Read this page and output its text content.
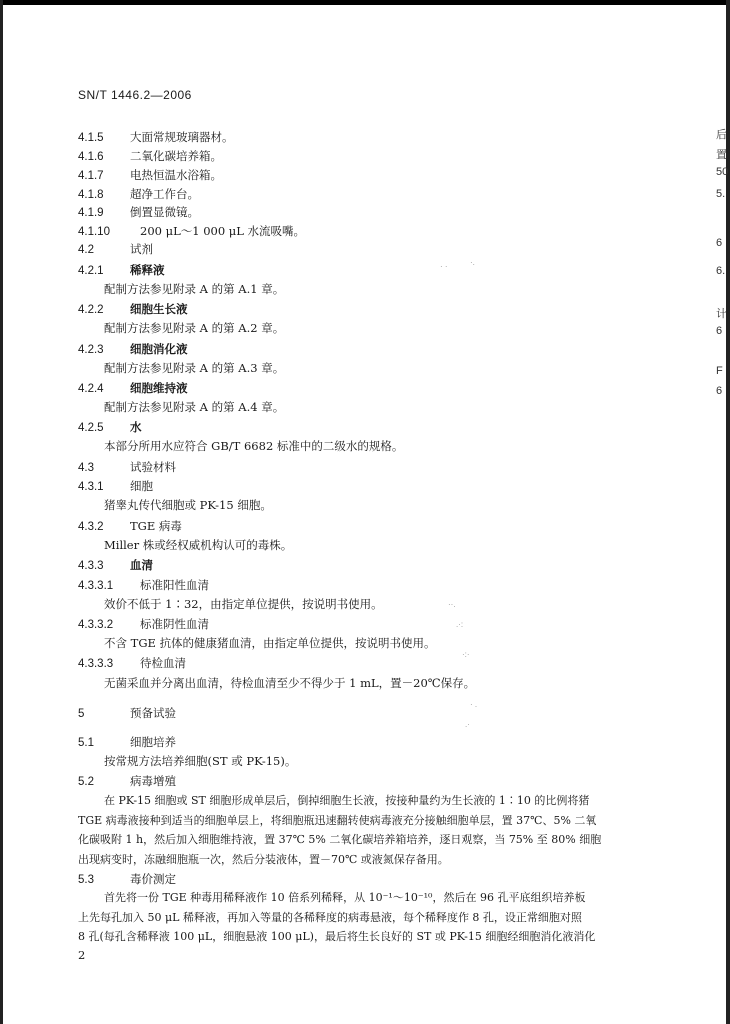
SN/T 1446.2—2006
4.1.5 大面常规玻璃器材。
4.1.6 二氧化碳培养箱。
4.1.7 电热恒温水浴箱。
4.1.8 超净工作台。
4.1.9 倒置显微镜。
4.1.10	200 μL～1 000 μL 水流吸嘴。
4.2	试剂
4.2.1 稀释液
4.2.2 细胞生长液
4.2.3 细胞消化液
4.2.4 细胞维持液
4.2.5 水
4.3	试验材料
4.3.1 细胞
4.3.2 TGE 病毒
4.3.3 血清
4.3.3.1 标准阳性血清
4.3.3.2 标准阴性血清
4.3.3.3 待检血清
5	预备试验
5.1	细胞培养
5.2	病毒增殖
5.3	毒价测定
配制方法参见附录 A 的第 A.1 章。
配制方法参见附录 A 的第 A.2 章。
配制方法参见附录 A 的第 A.3 章。
配制方法参见附录 A 的第 A.4 章。
本部分所用水应符合 GB/T 6682 标准中的二级水的规格。
猪睾丸传代细胞或 PK-15 细胞。
Miller 株或经权威机构认可的毒株。
效价不低于 1∶32，由指定单位提供，按说明书使用。
不含 TGE 抗体的健康猪血清，由指定单位提供，按说明书使用。
无菌采血并分离出血清，待检血清至少不得少于 1 mL，置－20℃保存。
按常规方法培养细胞(ST 或 PK-15)。
在 PK-15 细胞或 ST 细胞形成单层后，倒掉细胞生长液，按接种量约为生长液的 1∶10 的比例将猪
TGE 病毒液接种到适当的细胞单层上，将细胞瓶迅速翻转使病毒液充分接触细胞单层，置 37℃、5% 二氧
化碳吸附 1 h，然后加入细胞维持液，置 37℃ 5% 二氧化碳培养箱培养，逐日观察，当 75% 至 80% 细胞
出现病变时，冻融细胞瓶一次，然后分装液体，置－70℃ 或液氮保存备用。
首先将一份 TGE 种毒用稀释液作 10 倍系列稀释，从 10⁻¹～10⁻¹⁰，然后在 96 孔平底组织培养板
上先每孔加入 50 μL 稀释液，再加入等量的各稀释度的病毒悬液，每个稀释度作 8 孔，设正常细胞对照
8 孔(每孔含稀释液 100 μL，细胞悬液 100 μL)，最后将生长良好的 ST 或 PK-15 细胞经细胞消化液消化
后
置
50
5.
6
6.
计
6
F
6
2
· ·	·.
··.
.·:
·:·
· .
.·
